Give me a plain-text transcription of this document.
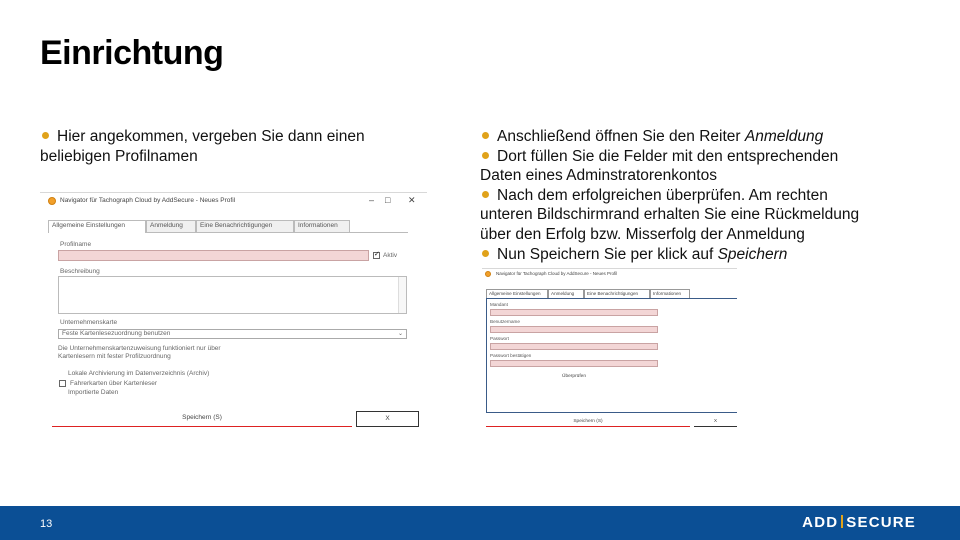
Einrichtung
Hier angekommen, vergeben Sie dann einen
beliebigen Profilnamen
Anschließend öffnen Sie den Reiter Anmeldung
Dort füllen Sie die Felder mit den entsprechenden
Daten eines Adminstratorenkontos
Nach dem erfolgreichen überprüfen. Am rechten
unteren Bildschirmrand erhalten Sie eine Rückmeldung
über den Erfolg bzw. Misserfolg der Anmeldung
Nun Speichern Sie per klick auf Speichern
Navigator für Tachograph Cloud by AddSecure - Neues Profil	– □ ✕
Allgemeine Einstellungen	Anmeldung	Eine Benachrichtigungen	Informationen
Profilname
✓
Aktiv
Beschreibung
Unternehmenskarte
Feste Kartenlesezuordnung benutzen	⌄
Die Unternehmenskartenzuweisung funktioniert nur über
Kartenlesern mit fester Profilzuordnung
Lokale Archivierung im Datenverzeichnis (Archiv)
Fahrerkarten über Kartenleser
Importierte Daten
Speichern (S)	X
Navigator für Tachograph Cloud by AddSecure - Neues Profil
Allgemeine Einstellungen	Anmeldung	Eine Benachrichtigungen	Informationen
Mandant
Benutzername
Passwort
Passwort bestätigen
Überprüfen
Speichern (S)	X
13	ADD SECURE
